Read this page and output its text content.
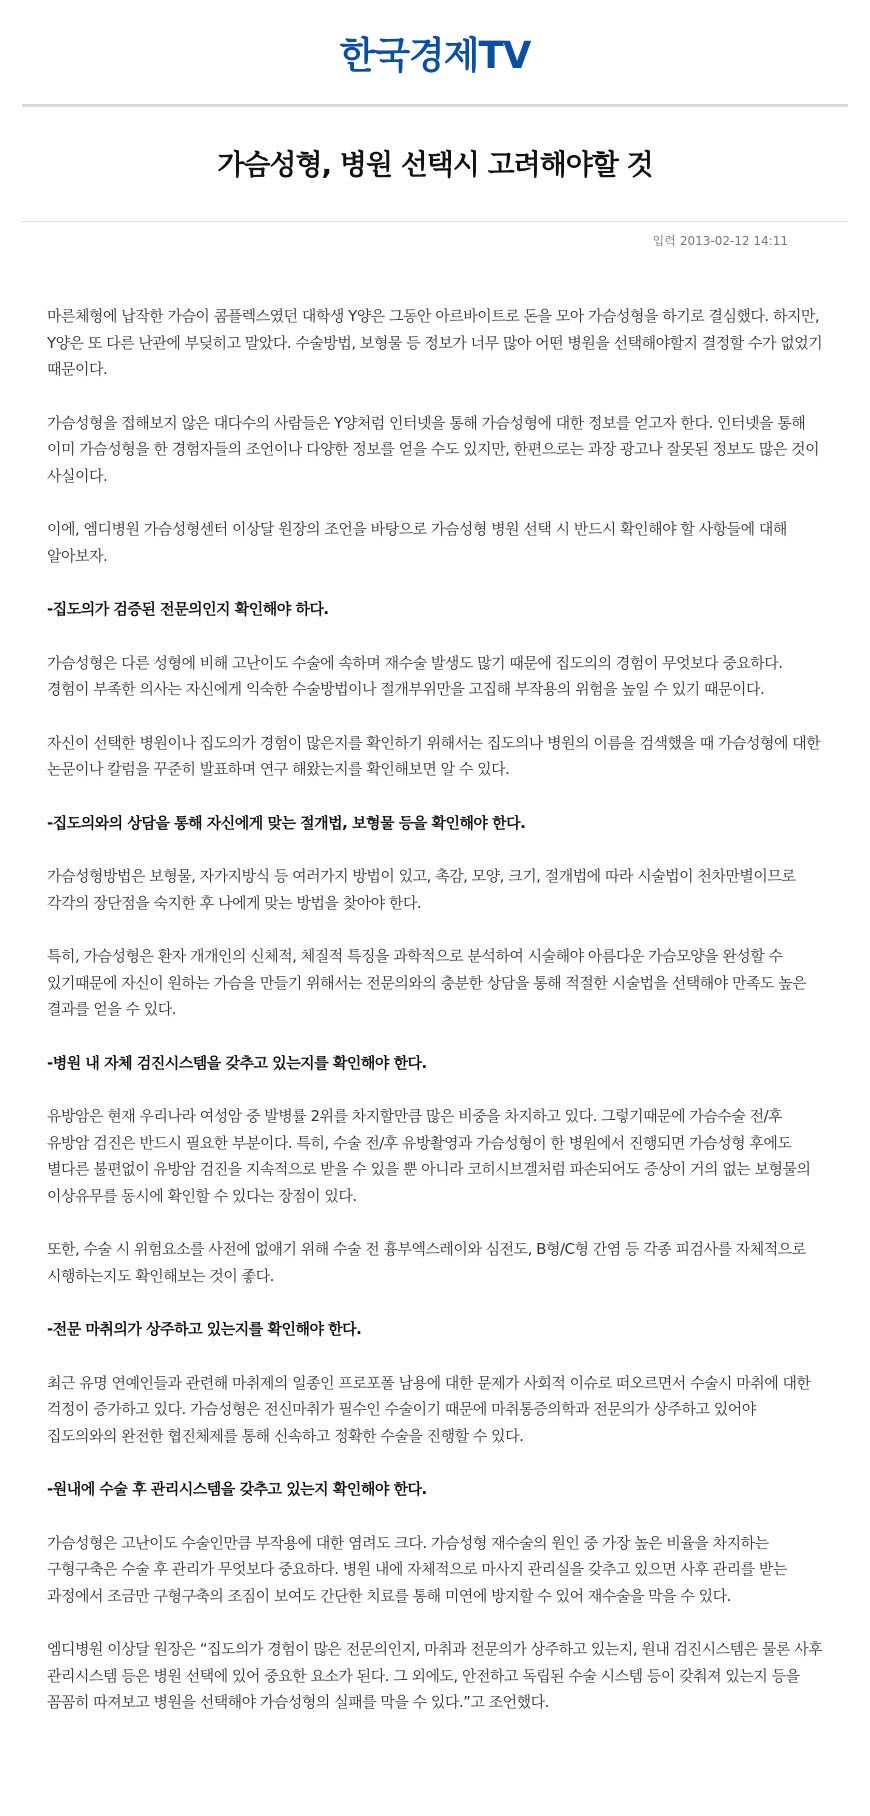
한국경제TV
가슴성형, 병원 선택시 고려해야할 것
입력 2013-02-12 14:11

마른체형에 납작한 가슴이 콤플렉스였던 대학생 Y양은 그동안 아르바이트로 돈을 모아 가슴성형을 하기로 결심했다. 하지만, Y양은 또 다른 난관에 부딪히고 말았다. 수술방법, 보형물 등 정보가 너무 많아 어떤 병원을 선택해야할지 결정할 수가 없었기 때문이다.

가슴성형을 접해보지 않은 대다수의 사람들은 Y양처럼 인터넷을 통해 가슴성형에 대한 정보를 얻고자 한다. 인터넷을 통해 이미 가슴성형을 한 경험자들의 조언이나 다양한 정보를 얻을 수도 있지만, 한편으로는 과장 광고나 잘못된 정보도 많은 것이 사실이다.

이에, 엠디병원 가슴성형센터 이상달 원장의 조언을 바탕으로 가슴성형 병원 선택 시 반드시 확인해야 할 사항들에 대해 알아보자.

-집도의가 검증된 전문의인지 확인해야 하다.

가슴성형은 다른 성형에 비해 고난이도 수술에 속하며 재수술 발생도 많기 때문에 집도의의 경험이 무엇보다 중요하다. 경험이 부족한 의사는 자신에게 익숙한 수술방법이나 절개부위만을 고집해 부작용의 위험을 높일 수 있기 때문이다.

자신이 선택한 병원이나 집도의가 경험이 많은지를 확인하기 위해서는 집도의나 병원의 이름을 검색했을 때 가슴성형에 대한 논문이나 칼럼을 꾸준히 발표하며 연구 해왔는지를 확인해보면 알 수 있다.

-집도의와의 상담을 통해 자신에게 맞는 절개법, 보형물 등을 확인해야 한다.

가슴성형방법은 보형물, 자가지방식 등 여러가지 방법이 있고, 촉감, 모양, 크기, 절개법에 따라 시술법이 천차만별이므로 각각의 장단점을 숙지한 후 나에게 맞는 방법을 찾아야 한다.

특히, 가슴성형은 환자 개개인의 신체적, 체질적 특징을 과학적으로 분석하여 시술해야 아름다운 가슴모양을 완성할 수 있기때문에 자신이 원하는 가슴을 만들기 위해서는 전문의와의 충분한 상담을 통해 적절한 시술법을 선택해야 만족도 높은 결과를 얻을 수 있다.

-병원 내 자체 검진시스템을 갖추고 있는지를 확인해야 한다.

유방암은 현재 우리나라 여성암 중 발병률 2위를 차지할만큼 많은 비중을 차지하고 있다. 그렇기때문에 가슴수술 전/후 유방암 검진은 반드시 필요한 부분이다. 특히, 수술 전/후 유방촬영과 가슴성형이 한 병원에서 진행되면 가슴성형 후에도 별다른 불편없이 유방암 검진을 지속적으로 받을 수 있을 뿐 아니라 코히시브겔처럼 파손되어도 증상이 거의 없는 보형물의 이상유무를 동시에 확인할 수 있다는 장점이 있다.

또한, 수술 시 위험요소를 사전에 없애기 위해 수술 전 흉부엑스레이와 심전도, B형/C형 간염 등 각종 피검사를 자체적으로 시행하는지도 확인해보는 것이 좋다.

-전문 마취의가 상주하고 있는지를 확인해야 한다.

최근 유명 연예인들과 관련해 마취제의 일종인 프로포폴 남용에 대한 문제가 사회적 이슈로 떠오르면서 수술시 마취에 대한 걱정이 증가하고 있다. 가슴성형은 전신마취가 필수인 수술이기 때문에 마취통증의학과 전문의가 상주하고 있어야 집도의와의 완전한 협진체제를 통해 신속하고 정확한 수술을 진행할 수 있다.

-원내에 수술 후 관리시스템을 갖추고 있는지 확인해야 한다.

가슴성형은 고난이도 수술인만큼 부작용에 대한 염려도 크다. 가슴성형 재수술의 원인 중 가장 높은 비율을 차지하는 구형구축은 수술 후 관리가 무엇보다 중요하다. 병원 내에 자체적으로 마사지 관리실을 갖추고 있으면 사후 관리를 받는 과정에서 조금만 구형구축의 조짐이 보여도 간단한 치료를 통해 미연에 방지할 수 있어 재수술을 막을 수 있다.

엠디병원 이상달 원장은 “집도의가 경험이 많은 전문의인지, 마취과 전문의가 상주하고 있는지, 원내 검진시스템은 물론 사후 관리시스템 등은 병원 선택에 있어 중요한 요소가 된다. 그 외에도, 안전하고 독립된 수술 시스템 등이 갖춰져 있는지 등을 꼼꼼히 따져보고 병원을 선택해야 가슴성형의 실패를 막을 수 있다.”고 조언했다.
